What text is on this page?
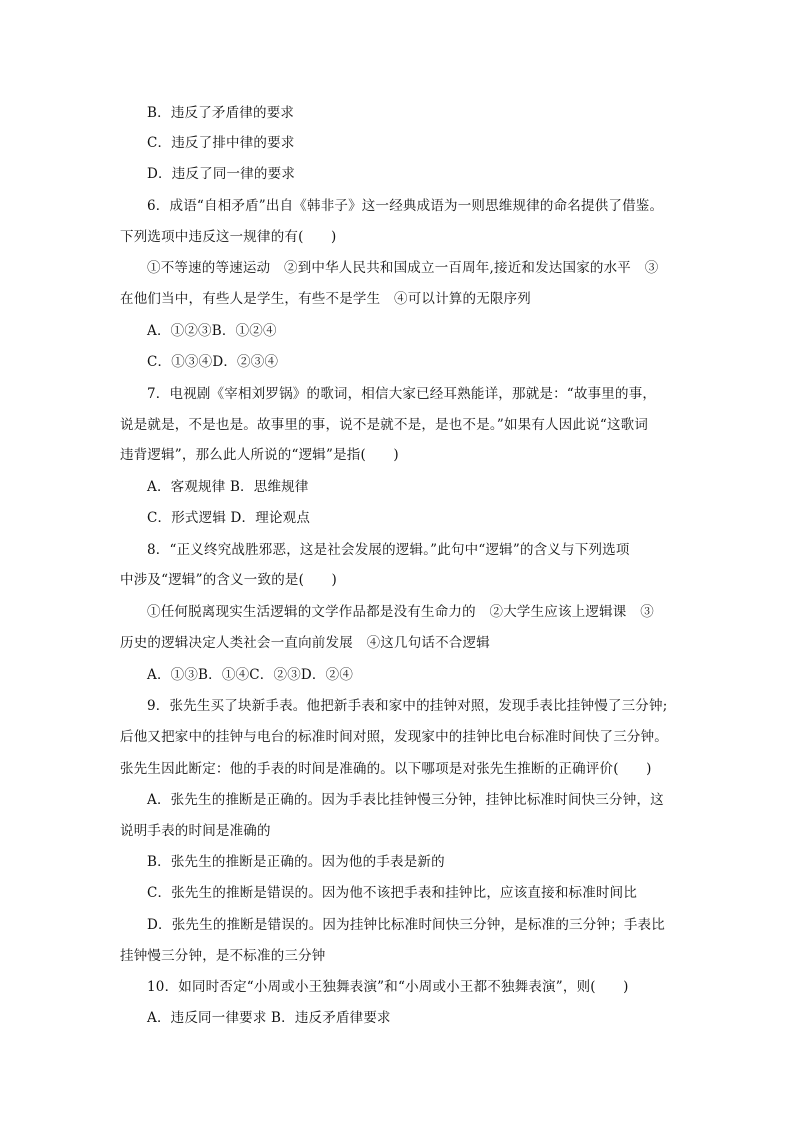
B．违反了矛盾律的要求
C．违反了排中律的要求
D．违反了同一律的要求
6．成语“自相矛盾”出自《韩非子》这一经典成语为一则思维规律的命名提供了借鉴。
下列选项中违反这一规律的有(　　)
①不等速的等速运动　②到中华人民共和国成立一百周年,接近和发达国家的水平　③
在他们当中，有些人是学生，有些不是学生　④可以计算的无限序列
A．①②③B．①②④
C．①③④D．②③④
7．电视剧《宰相刘罗锅》的歌词，相信大家已经耳熟能详，那就是：“故事里的事，
说是就是，不是也是。故事里的事，说不是就不是，是也不是。”如果有人因此说“这歌词
违背逻辑”，那么此人所说的“逻辑”是指(　　)
A．客观规律 B．思维规律
C．形式逻辑 D．理论观点
8．“正义终究战胜邪恶，这是社会发展的逻辑。”此句中“逻辑”的含义与下列选项
中涉及“逻辑”的含义一致的是(　　)
①任何脱离现实生活逻辑的文学作品都是没有生命力的　②大学生应该上逻辑课　③
历史的逻辑决定人类社会一直向前发展　④这几句话不合逻辑
A．①③B．①④C．②③D．②④
9．张先生买了块新手表。他把新手表和家中的挂钟对照，发现手表比挂钟慢了三分钟;
后他又把家中的挂钟与电台的标准时间对照，发现家中的挂钟比电台标准时间快了三分钟。
张先生因此断定：他的手表的时间是准确的。以下哪项是对张先生推断的正确评价(　　)
A．张先生的推断是正确的。因为手表比挂钟慢三分钟，挂钟比标准时间快三分钟，这
说明手表的时间是准确的
B．张先生的推断是正确的。因为他的手表是新的
C．张先生的推断是错误的。因为他不该把手表和挂钟比，应该直接和标准时间比
D．张先生的推断是错误的。因为挂钟比标准时间快三分钟，是标准的三分钟；手表比
挂钟慢三分钟，是不标准的三分钟
10．如同时否定“小周或小王独舞表演”和“小周或小王都不独舞表演”，则(　　)
A．违反同一律要求 B．违反矛盾律要求
